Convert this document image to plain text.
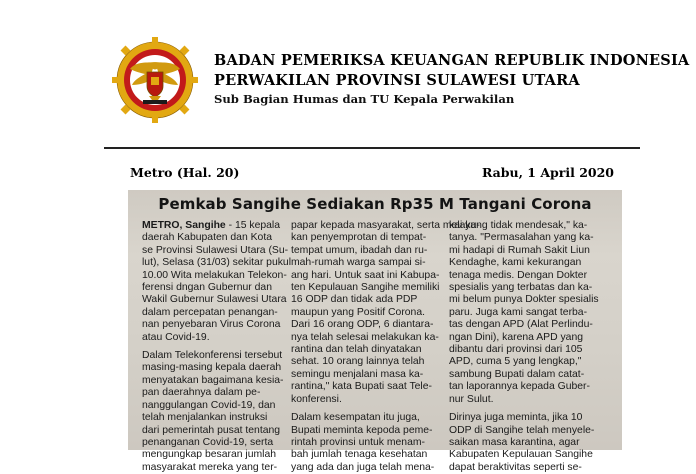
BADAN PEMERIKSA KEUANGAN REPUBLIK INDONESIA
PERWAKILAN PROVINSI SULAWESI UTARA
Sub Bagian Humas dan TU Kepala Perwakilan
Metro (Hal. 20)	Rabu, 1 April 2020
Pemkab Sangihe Sediakan Rp35 M Tangani Corona
METRO, Sangihe - 15 kepala
daerah Kabupaten dan Kota
se Provinsi Sulawesi Utara (Su-
lut), Selasa (31/03) sekitar pukul
10.00 Wita melakukan Telekon-
ferensi dngan Gubernur dan
Wakil Gubernur Sulawesi Utara
dalam percepatan penangan-
nan penyebaran Virus Corona
atau Covid-19.
Dalam Telekonferensi tersebut
masing-masing kepala daerah
menyatakan bagaimana kesia-
pan daerahnya dalam pe-
nanggulangan Covid-19, dan
telah menjalankan instruksi
dari pemerintah pusat tentang
penanganan Covid-19, serta
mengungkap besaran jumlah
masyarakat mereka yang ter-
papar kepada masyarakat, serta melaku-
kan penyemprotan di tempat-
tempat umum, ibadah dan ru-
mah-rumah warga sampai si-
ang hari. Untuk saat ini Kabupa-
ten Kepulauan Sangihe memiliki
16 ODP dan tidak ada PDP
maupun yang Positif Corona.
Dari 16 orang ODP, 6 diantara-
nya telah selesai melakukan ka-
rantina dan telah dinyatakan
sehat. 10 orang lainnya telah
semingu menjalani masa ka-
rantina," kata Bupati saat Tele-
konferensi.
Dalam kesempatan itu juga,
Bupati meminta kepoda peme-
rintah provinsi untuk menam-
bah jumlah tenaga kesehatan
yang ada dan juga telah mena-
kai yang tidak mendesak," ka-
tanya. "Permasalahan yang ka-
mi hadapi di Rumah Sakit Liun
Kendaghe, kami kekurangan
tenaga medis. Dengan Dokter
spesialis yang terbatas dan ka-
mi belum punya Dokter spesialis
paru. Juga kami sangat terba-
tas dengan APD (Alat Perlindu-
ngan Dini), karena APD yang
dibantu dari provinsi dari 105
APD, cuma 5 yang lengkap,"
sambung Bupati dalam catat-
tan laporannya kepada Guber-
nur Sulut.
Dirinya juga meminta, jika 10
ODP di Sangihe telah menyele-
saikan masa karantina, agar
Kabupaten Kepulauan Sangihe
dapat beraktivitas seperti se-
